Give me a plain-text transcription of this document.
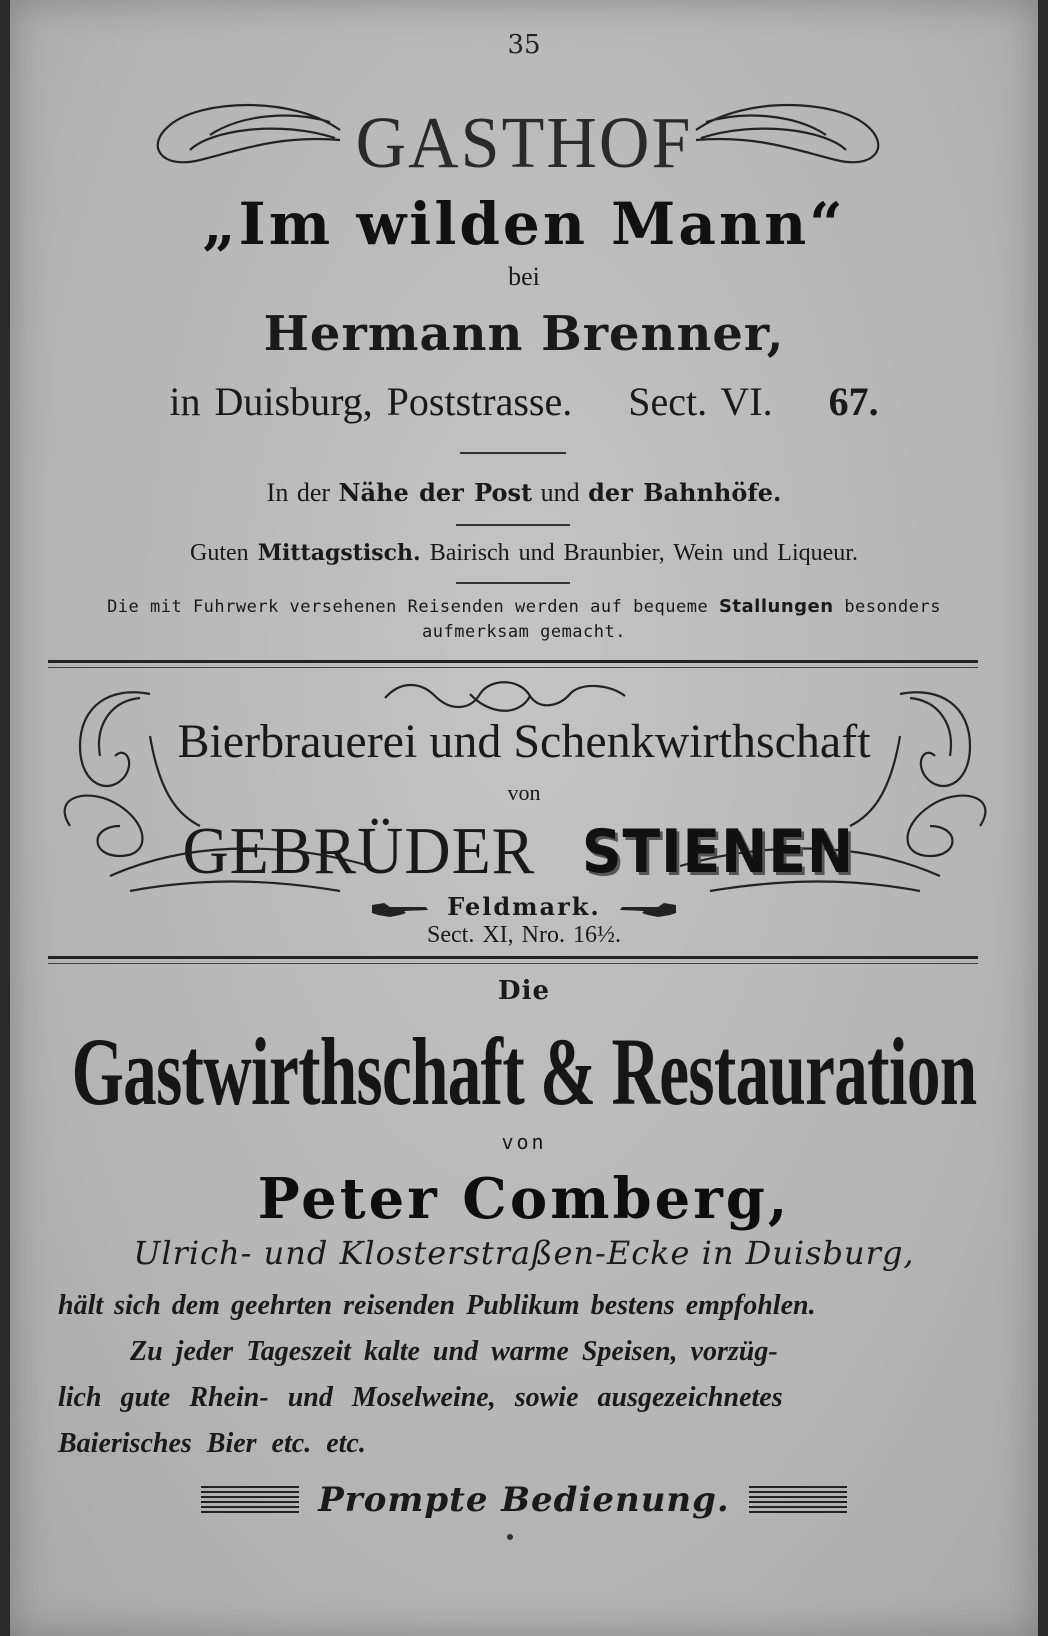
35
GASTHOF
„Im wilden Mann“
bei
Hermann Brenner,
in Duisburg, Poststrasse. Sect. VI. 67.
In der Nähe der Post und der Bahnhöfe.
Guten Mittagstisch. Bairisch und Braunbier, Wein und Liqueur.
Die mit Fuhrwerk versehenen Reisenden werden auf bequeme Stallungen besonders
aufmerksam gemacht.
Bierbrauerei und Schenkwirthschaft
von
GEBRÜDER STIENEN
Feldmark.
Sect. XI, Nro. 16½.
Die
Gastwirthschaft & Restauration
von
Peter Comberg,
Ulrich- und Klosterstraßen-Ecke in Duisburg,
hält sich dem geehrten reisenden Publikum bestens empfohlen.
Zu jeder Tageszeit kalte und warme Speisen, vorzüg-
lich gute Rhein- und Moselweine, sowie ausgezeichnetes
Baierisches Bier etc. etc.
Prompte Bedienung.
